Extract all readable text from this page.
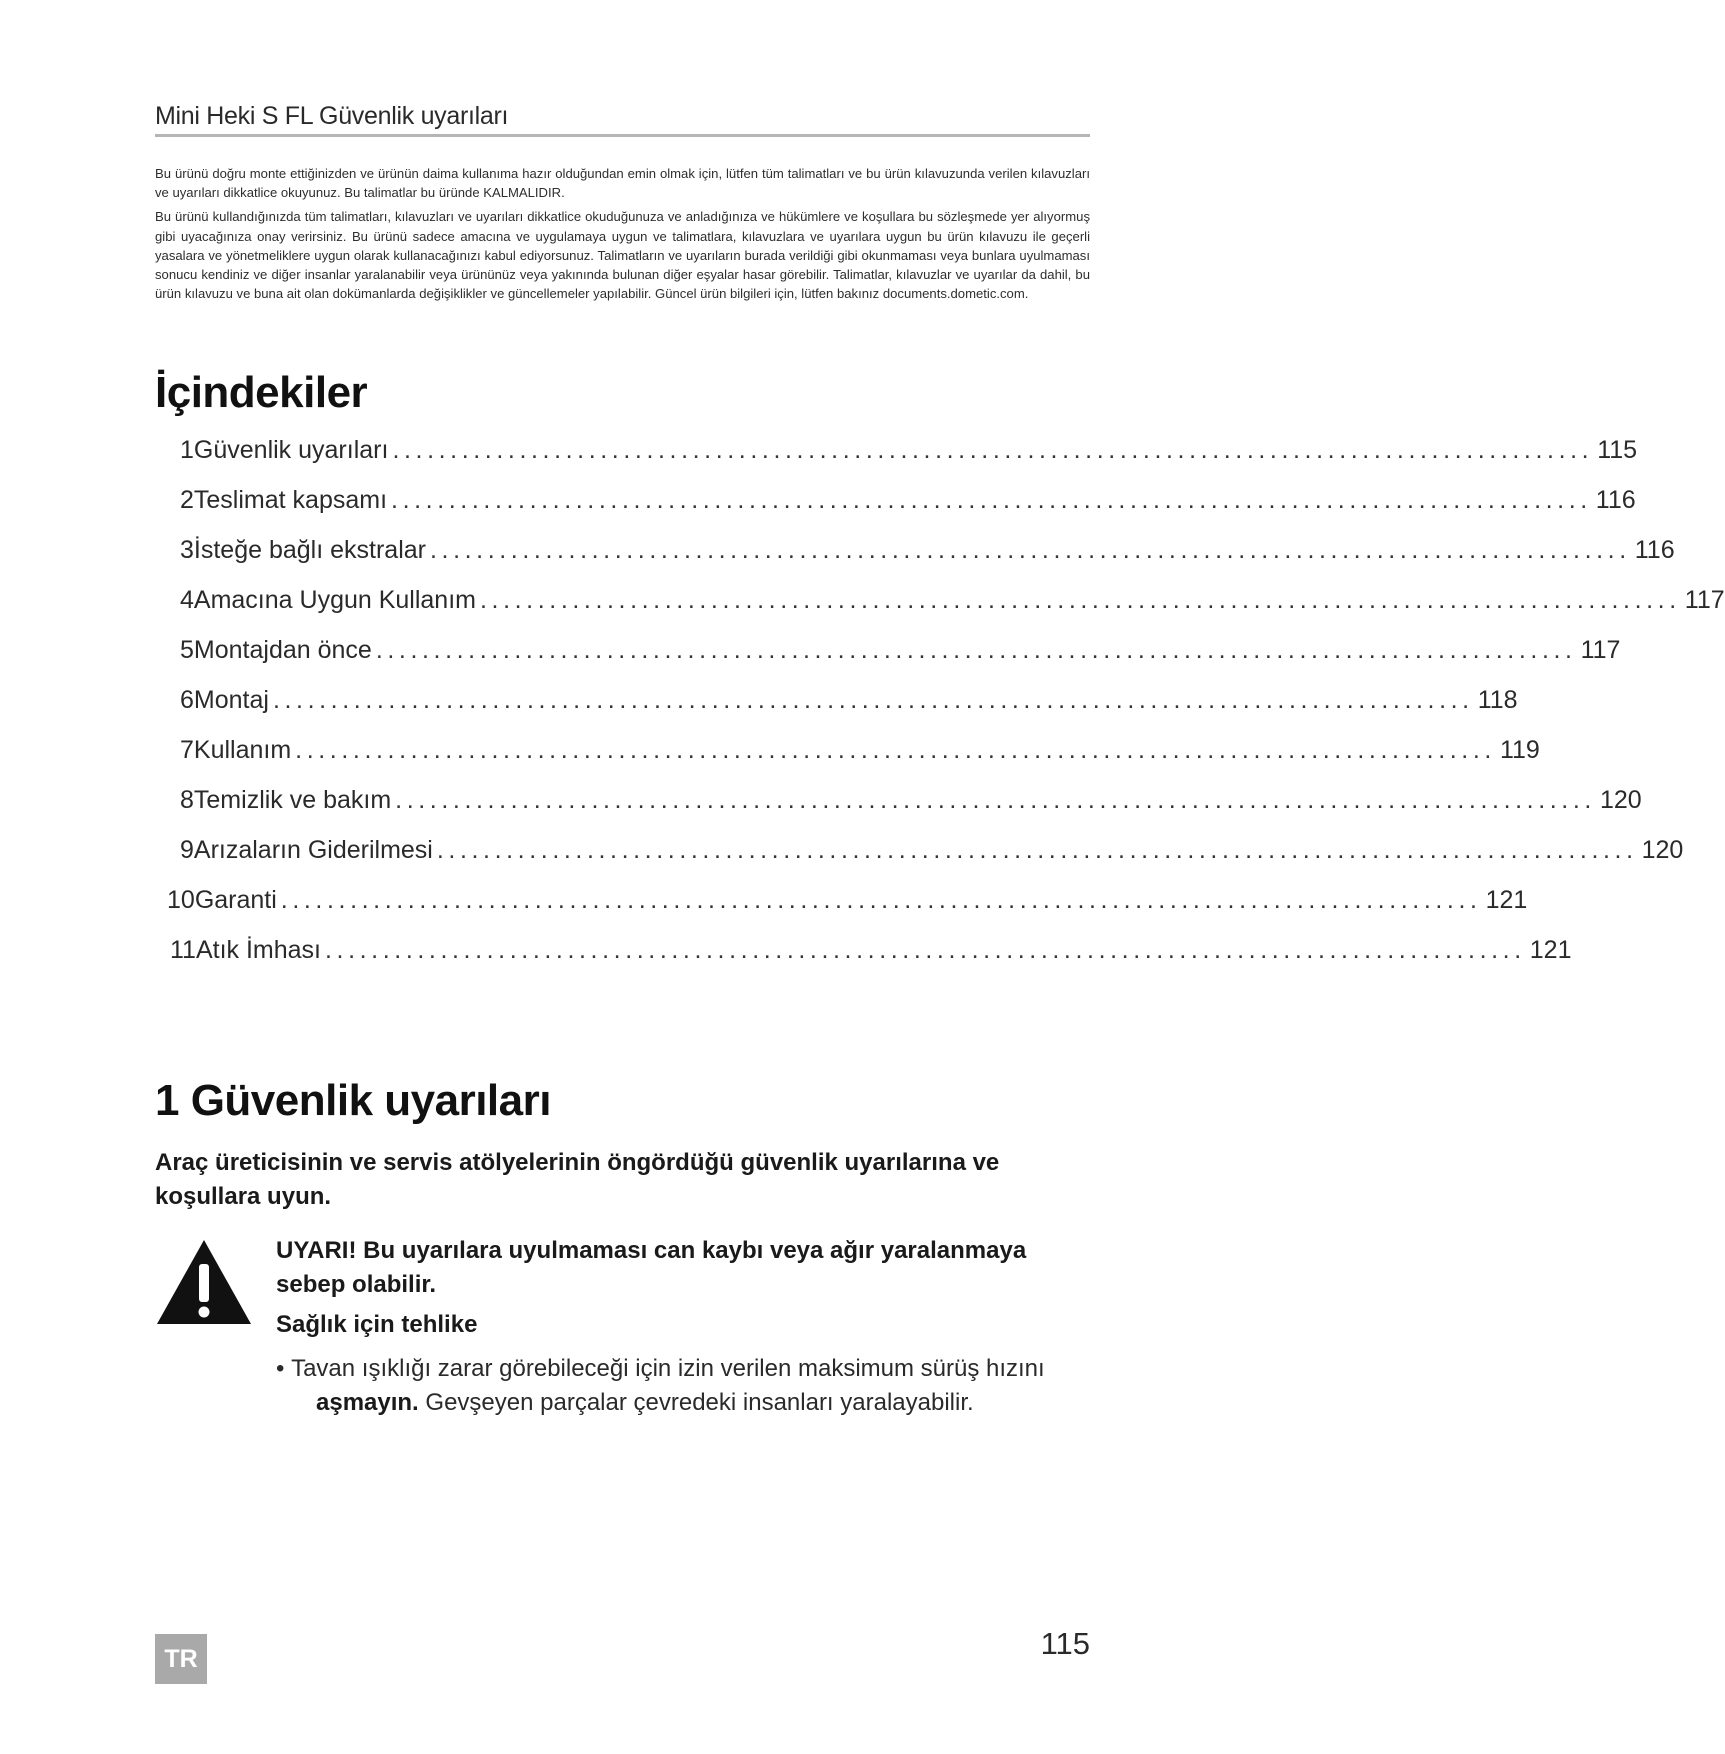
Mini Heki S FL Güvenlik uyarıları

Bu ürünü doğru monte ettiğinizden ve ürünün daima kullanıma hazır olduğundan emin olmak için, lütfen tüm talimatları ve bu ürün kılavuzunda verilen kılavuzları ve uyarıları dikkatlice okuyunuz. Bu talimatlar bu üründe KALMALIDIR.

Bu ürünü kullandığınızda tüm talimatları, kılavuzları ve uyarıları dikkatlice okuduğunuza ve anladığınıza ve hükümlere ve koşullara bu sözleşmede yer alıyormuş gibi uyacağınıza onay verirsiniz. Bu ürünü sadece amacına ve uygulamaya uygun ve talimatlara, kılavuzlara ve uyarılara uygun bu ürün kılavuzu ile geçerli yasalara ve yönetmeliklere uygun olarak kullanacağınızı kabul ediyorsunuz. Talimatların ve uyarıların burada verildiği gibi okunmaması veya bunlara uyulmaması sonucu kendiniz ve diğer insanlar yaralanabilir veya ürününüz veya yakınında bulunan diğer eşyalar hasar görebilir. Talimatlar, kılavuzlar ve uyarılar da dahil, bu ürün kılavuzu ve buna ait olan dokümanlarda değişiklikler ve güncellemeler yapılabilir. Güncel ürün bilgileri için, lütfen bakınız documents.dometic.com.

İçindekiler
1 Güvenlik uyarıları ........................................................................................................ 115
2 Teslimat kapsamı ........................................................................................................ 116
3 İsteğe bağlı ekstralar ........................................................................................................ 116
4 Amacına Uygun Kullanım ........................................................................................................ 117
5 Montajdan önce ........................................................................................................ 117
6 Montaj ........................................................................................................ 118
7 Kullanım ........................................................................................................ 119
8 Temizlik ve bakım ........................................................................................................ 120
9 Arızaların Giderilmesi ........................................................................................................ 120
10 Garanti ........................................................................................................ 121
11 Atık İmhası ........................................................................................................ 121
1 Güvenlik uyarıları
Araç üreticisinin ve servis atölyelerinin öngördüğü güvenlik uyarılarına ve koşullara uyun.

UYARI! Bu uyarılara uyulmaması can kaybı veya ağır yaralanmaya sebep olabilir.

Sağlık için tehlike

• Tavan ışıklığı zarar görebileceği için izin verilen maksimum sürüş hızını aşmayın. Gevşeyen parçalar çevredeki insanları yaralayabilir.

TR	115
